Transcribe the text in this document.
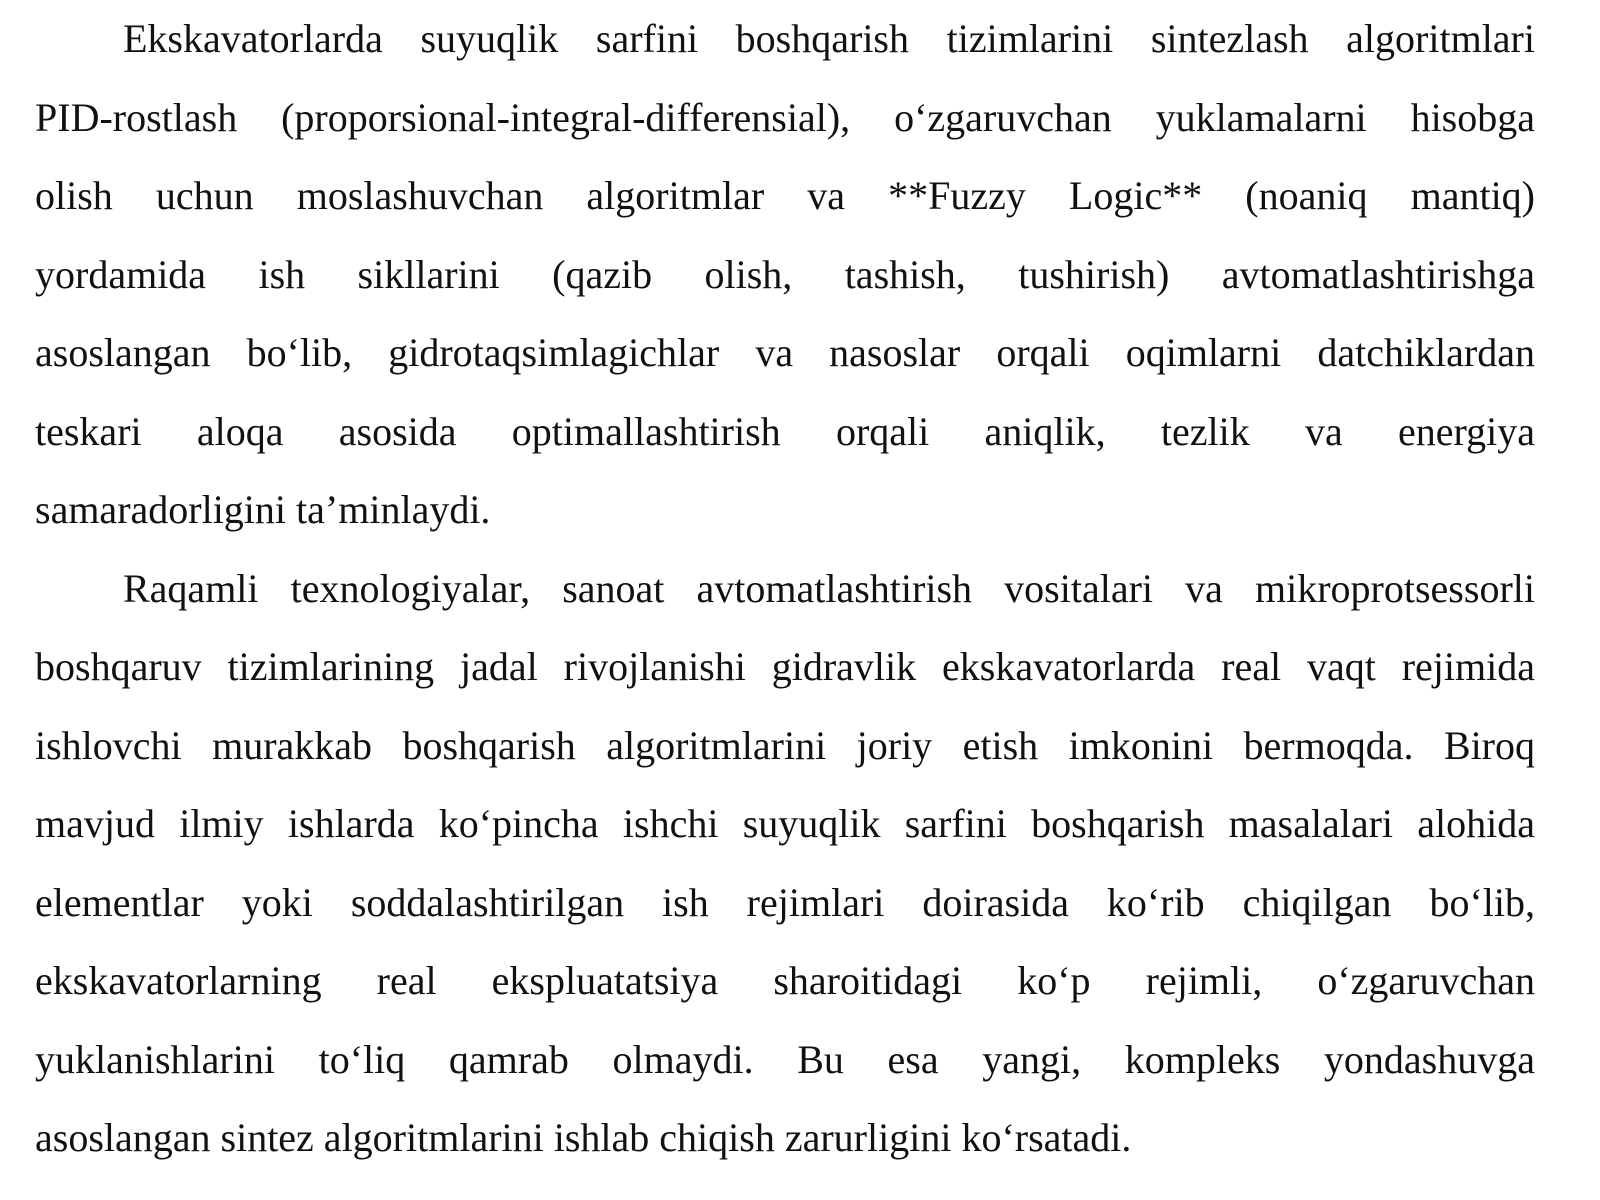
Ekskavatorlarda suyuqlik sarfini boshqarish tizimlarini sintezlash algoritmlari
PID-rostlash (proporsional-integral-differensial), o‘zgaruvchan yuklamalarni hisobga
olish uchun moslashuvchan algoritmlar va **Fuzzy Logic** (noaniq mantiq)
yordamida ish sikllarini (qazib olish, tashish, tushirish) avtomatlashtirishga
asoslangan bo‘lib, gidrotaqsimlagichlar va nasoslar orqali oqimlarni datchiklardan
teskari aloqa asosida optimallashtirish orqali aniqlik, tezlik va energiya
samaradorligini ta’minlaydi.
Raqamli texnologiyalar, sanoat avtomatlashtirish vositalari va mikroprotsessorli
boshqaruv tizimlarining jadal rivojlanishi gidravlik ekskavatorlarda real vaqt rejimida
ishlovchi murakkab boshqarish algoritmlarini joriy etish imkonini bermoqda. Biroq
mavjud ilmiy ishlarda ko‘pincha ishchi suyuqlik sarfini boshqarish masalalari alohida
elementlar yoki soddalashtirilgan ish rejimlari doirasida ko‘rib chiqilgan bo‘lib,
ekskavatorlarning real ekspluatatsiya sharoitidagi ko‘p rejimli, o‘zgaruvchan
yuklanishlarini to‘liq qamrab olmaydi. Bu esa yangi, kompleks yondashuvga
asoslangan sintez algoritmlarini ishlab chiqish zarurligini ko‘rsatadi.
